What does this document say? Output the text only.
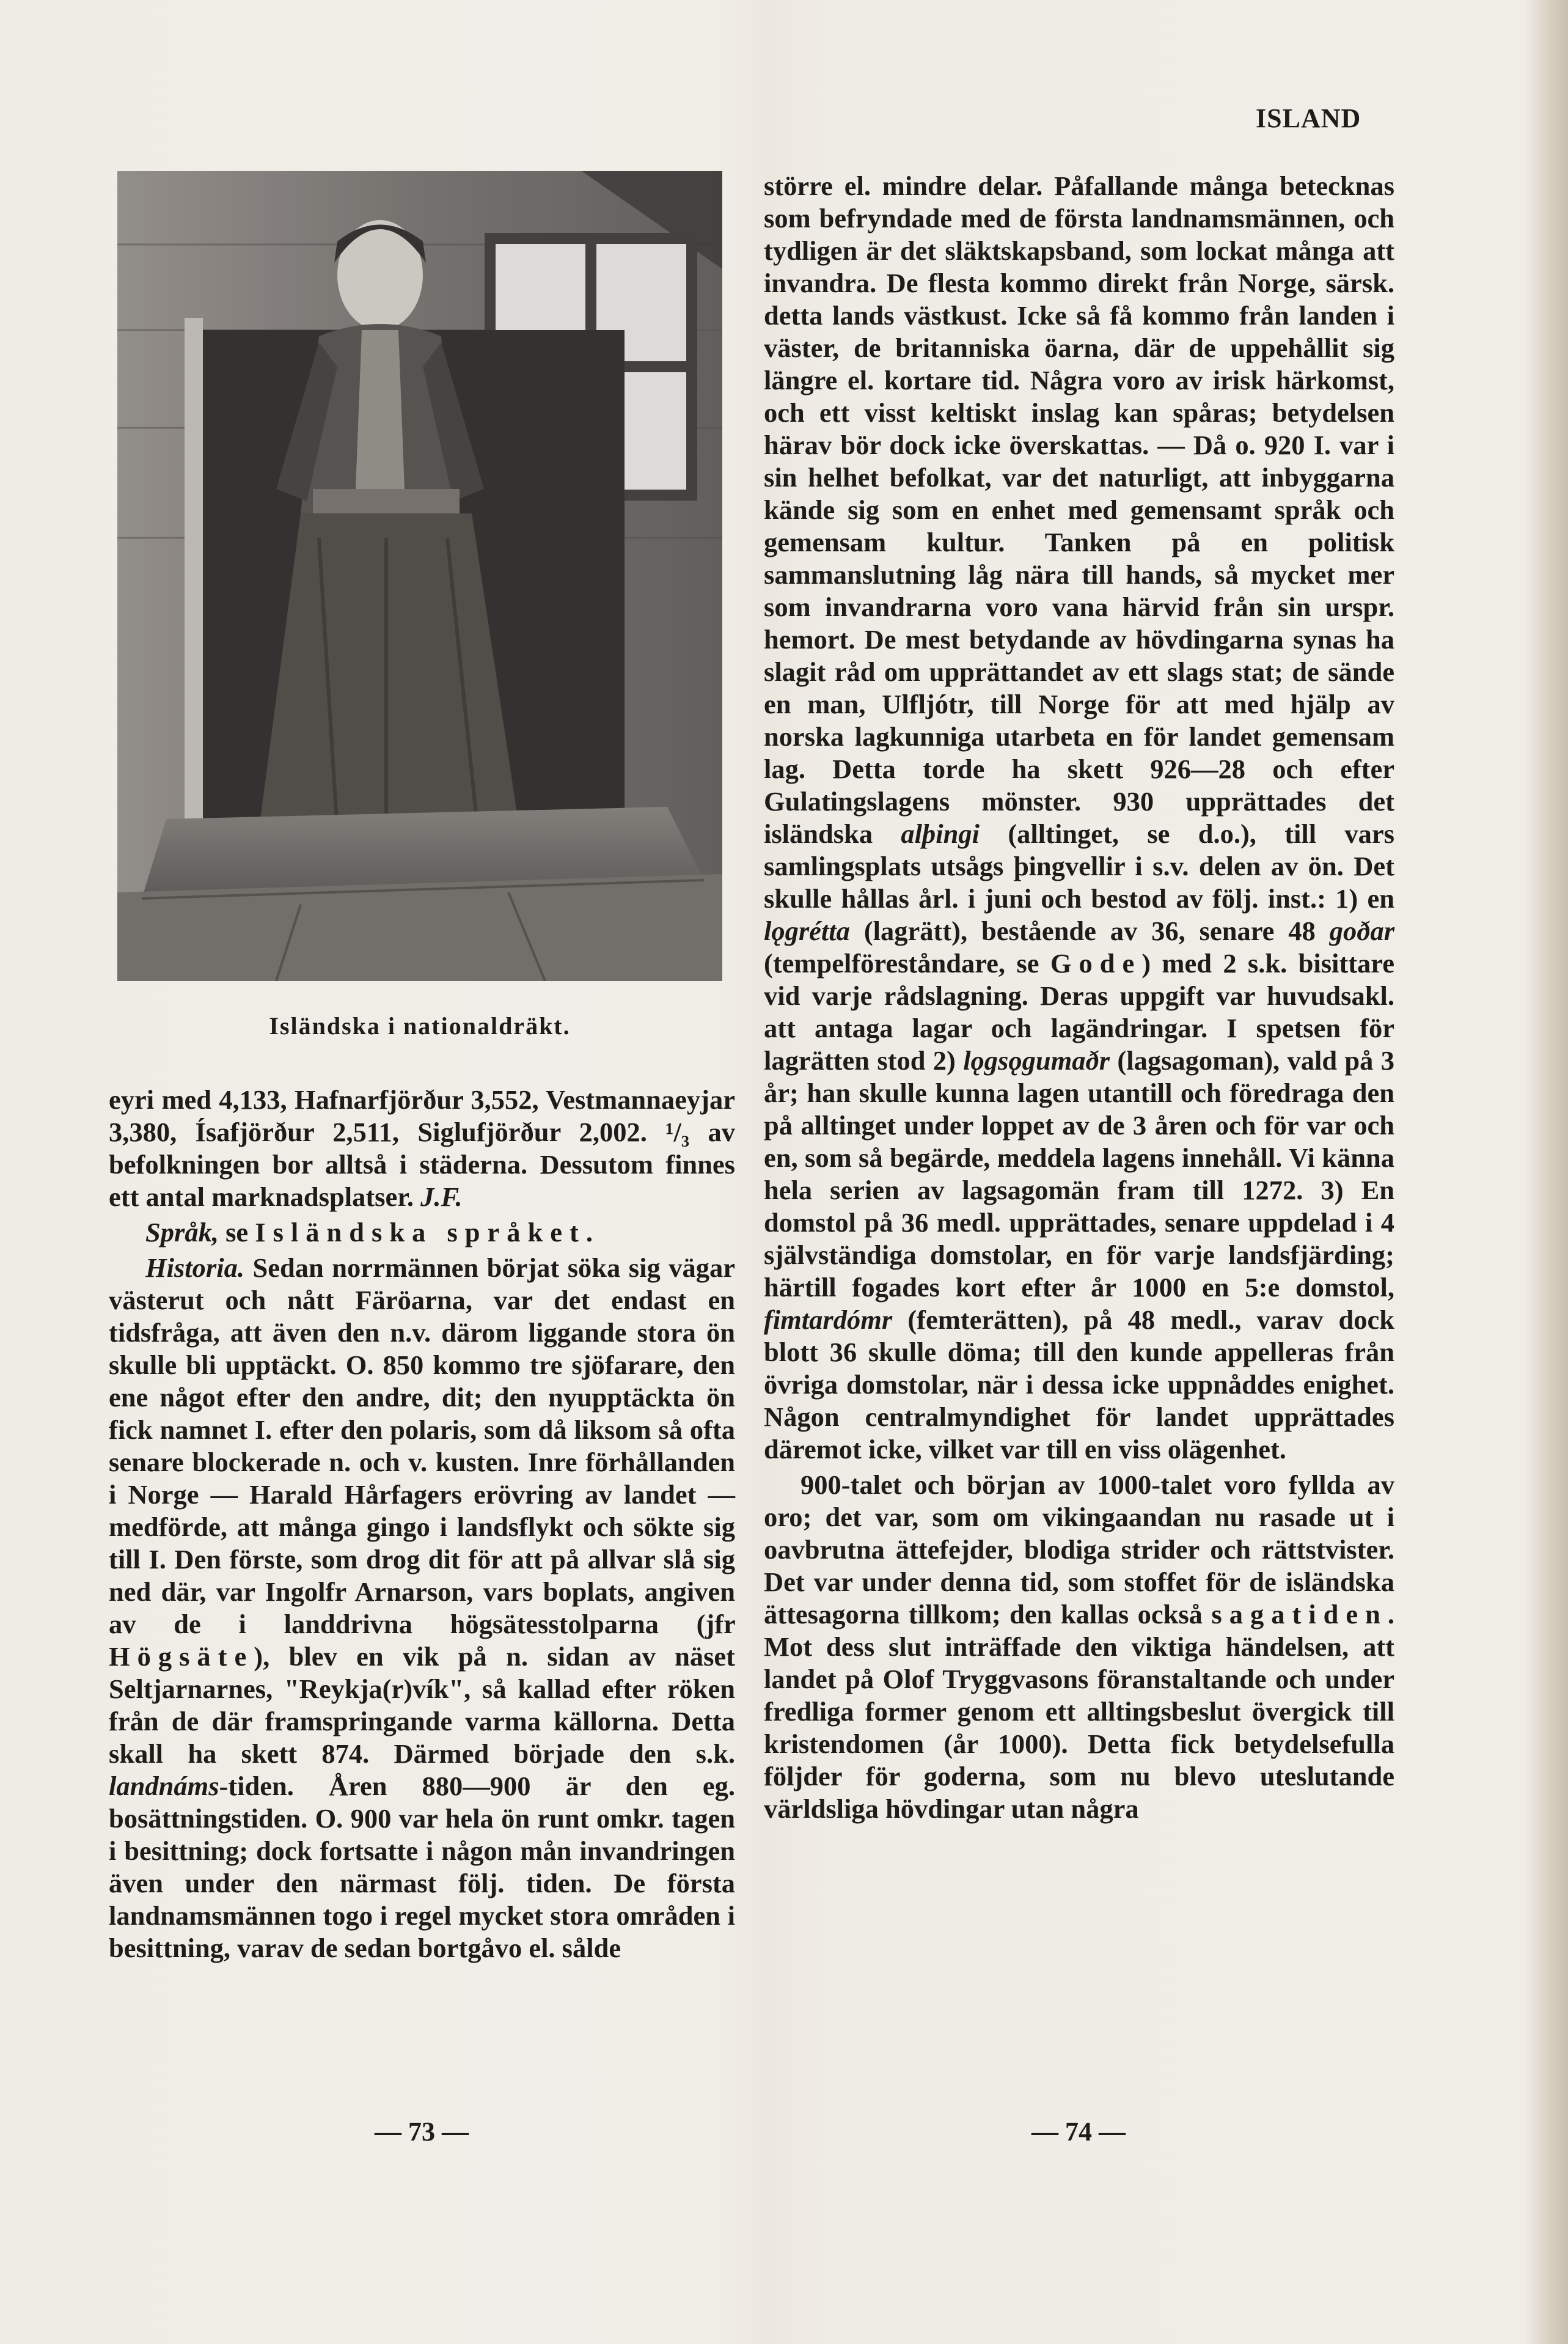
ISLAND
Isländska i nationaldräkt.

eyri med 4,133, Hafnarfjörður 3,552, Vestmannaeyjar 3,380, Ísafjörður 2,511, Siglufjörður 2,002. ¹/₃ av befolkningen bor alltså i städerna. Dessutom finnes ett antal marknadsplatser. J.F.

Språk, se Isländska språket.

Historia. Sedan norrmännen börjat söka sig vägar västerut och nått Färöarna, var det endast en tidsfråga, att även den n.v. därom liggande stora ön skulle bli upptäckt. O. 850 kommo tre sjöfarare, den ene något efter den andre, dit; den nyupptäckta ön fick namnet I. efter den polaris, som då liksom så ofta senare blockerade n. och v. kusten. Inre förhållanden i Norge — Harald Hårfagers erövring av landet — medförde, att många gingo i landsflykt och sökte sig till I. Den förste, som drog dit för att på allvar slå sig ned där, var Ingolfr Arnarson, vars boplats, angiven av de i landdrivna högsätesstolparna (jfr Högsäte), blev en vik på n. sidan av näset Seltjarnarnes, "Reykja(r)vík", så kallad efter röken från de där framspringande varma källorna. Detta skall ha skett 874. Därmed började den s.k. landnáms-tiden. Åren 880—900 är den eg. bosättningstiden. O. 900 var hela ön runt omkr. tagen i besittning; dock fortsatte i någon mån invandringen även under den närmast följ. tiden. De första landnamsmännen togo i regel mycket stora områden i besittning, varav de sedan bortgåvo el. sålde

större el. mindre delar. Påfallande många betecknas som befryndade med de första landnamsmännen, och tydligen är det släktskapsband, som lockat många att invandra. De flesta kommo direkt från Norge, särsk. detta lands västkust. Icke så få kommo från landen i väster, de britanniska öarna, där de uppehållit sig längre el. kortare tid. Några voro av irisk härkomst, och ett visst keltiskt inslag kan spåras; betydelsen härav bör dock icke överskattas. — Då o. 920 I. var i sin helhet befolkat, var det naturligt, att inbyggarna kände sig som en enhet med gemensamt språk och gemensam kultur. Tanken på en politisk sammanslutning låg nära till hands, så mycket mer som invandrarna voro vana härvid från sin urspr. hemort. De mest betydande av hövdingarna synas ha slagit råd om upprättandet av ett slags stat; de sände en man, Ulfljótr, till Norge för att med hjälp av norska lagkunniga utarbeta en för landet gemensam lag. Detta torde ha skett 926—28 och efter Gulatingslagens mönster. 930 upprättades det isländska alþingi (alltinget, se d.o.), till vars samlingsplats utsågs þingvellir i s.v. delen av ön. Det skulle hållas årl. i juni och bestod av följ. inst.: 1) en lǫgrétta (lagrätt), bestående av 36, senare 48 goðar (tempelföreståndare, se Gode) med 2 s.k. bisittare vid varje rådslagning. Deras uppgift var huvudsakl. att antaga lagar och lagändringar. I spetsen för lagrätten stod 2) lǫgsǫgumaðr (lagsagoman), vald på 3 år; han skulle kunna lagen utantill och föredraga den på alltinget under loppet av de 3 åren och för var och en, som så begärde, meddela lagens innehåll. Vi känna hela serien av lagsagomän fram till 1272. 3) En domstol på 36 medl. upprättades, senare uppdelad i 4 självständiga domstolar, en för varje landsfjärding; härtill fogades kort efter år 1000 en 5:e domstol, fimtardómr (femterätten), på 48 medl., varav dock blott 36 skulle döma; till den kunde appelleras från övriga domstolar, när i dessa icke uppnåddes enighet. Någon centralmyndighet för landet upprättades däremot icke, vilket var till en viss olägenhet.

900-talet och början av 1000-talet voro fyllda av oro; det var, som om vikingaandan nu rasade ut i oavbrutna ättefejder, blodiga strider och rättstvister. Det var under denna tid, som stoffet för de isländska ättesagorna tillkom; den kallas också sagatiden. Mot dess slut inträffade den viktiga händelsen, att landet på Olof Tryggvasons föranstaltande och under fredliga former genom ett alltingsbeslut övergick till kristendomen (år 1000). Detta fick betydelsefulla följder för goderna, som nu blevo uteslutande världsliga hövdingar utan några

— 73 —	— 74 —
